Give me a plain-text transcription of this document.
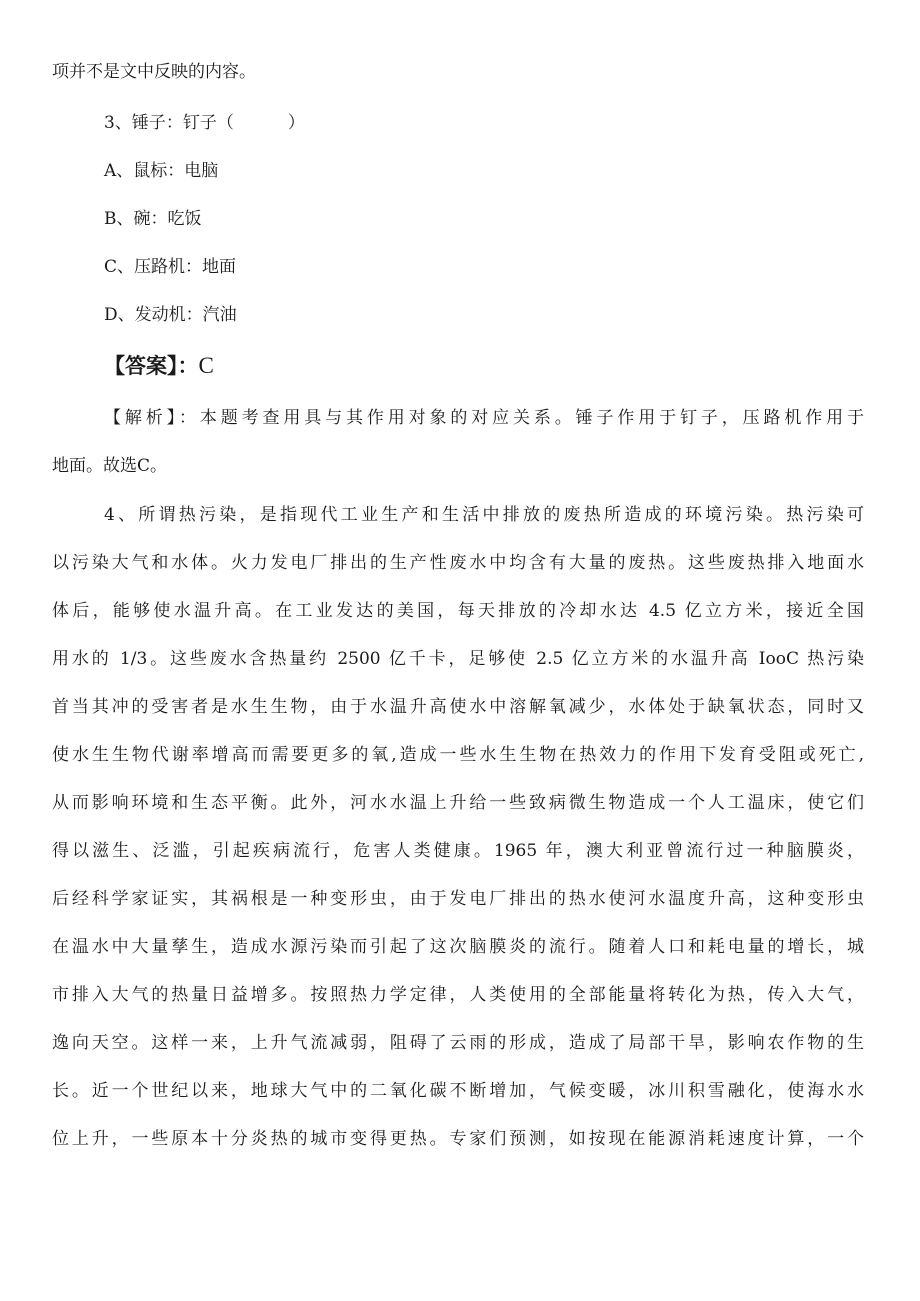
项并不是文中反映的内容。
3、锤子：钉子（	）
A、鼠标：电脑
B、碗：吃饭
C、压路机：地面
D、发动机：汽油
【答案】：C
【解析】：本题考查用具与其作用对象的对应关系。锤子作用于钉子，压路机作用于
地面。故选C。
4、所谓热污染，是指现代工业生产和生活中排放的废热所造成的环境污染。热污染可
以污染大气和水体。火力发电厂排出的生产性废水中均含有大量的废热。这些废热排入地面水
体后，能够使水温升高。在工业发达的美国，每天排放的冷却水达 4.5 亿立方米，接近全国
用水的 1/3。这些废水含热量约 2500 亿千卡，足够使 2.5 亿立方米的水温升高 IooC 热污染
首当其冲的受害者是水生生物，由于水温升高使水中溶解氧减少，水体处于缺氧状态，同时又
使水生生物代谢率增高而需要更多的氧,造成一些水生生物在热效力的作用下发育受阻或死亡,
从而影响环境和生态平衡。此外，河水水温上升给一些致病微生物造成一个人工温床，使它们
得以滋生、泛滥，引起疾病流行，危害人类健康。1965 年，澳大利亚曾流行过一种脑膜炎，
后经科学家证实，其祸根是一种变形虫，由于发电厂排出的热水使河水温度升高，这种变形虫
在温水中大量孳生，造成水源污染而引起了这次脑膜炎的流行。随着人口和耗电量的增长，城
市排入大气的热量日益增多。按照热力学定律，人类使用的全部能量将转化为热，传入大气，
逸向天空。这样一来，上升气流减弱，阻碍了云雨的形成，造成了局部干旱，影响农作物的生
长。近一个世纪以来，地球大气中的二氧化碳不断增加，气候变暖，冰川积雪融化，使海水水
位上升，一些原本十分炎热的城市变得更热。专家们预测，如按现在能源消耗速度计算，一个
